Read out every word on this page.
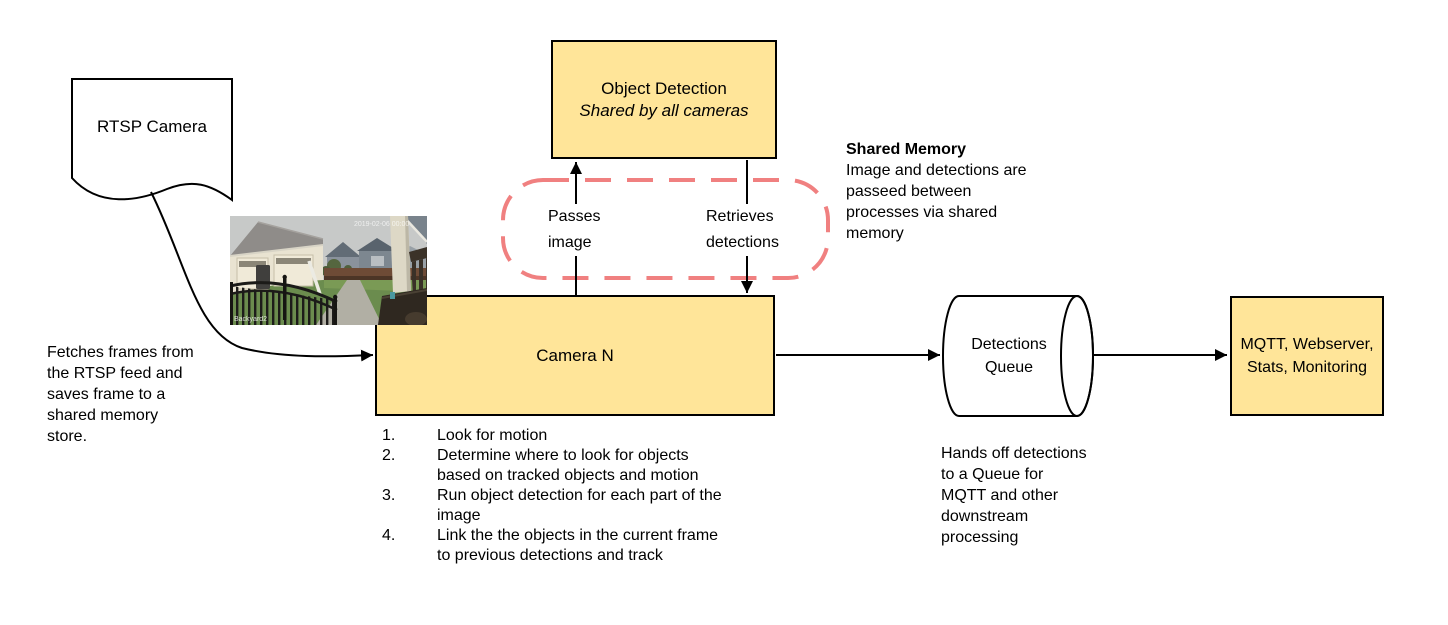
RTSP Camera
Object Detection
Shared by all cameras
Camera N
Detections
Queue
MQTT, Webserver,
Stats, Monitoring
Passes
image
Retrieves
detections
Fetches frames from
the RTSP feed and
saves frame to a
shared memory
store.
Shared Memory
Image and detections are
passeed between
processes via shared
memory
Hands off detections
to a Queue for
MQTT and other
downstream
processing
1.	Look for motion
2.	Determine where to look for objects
based on tracked objects and motion
3.	Run object detection for each part of the
image
4.	Link the the objects in the current frame
to previous detections and track
2019-02-06 00:00
Backyard2
